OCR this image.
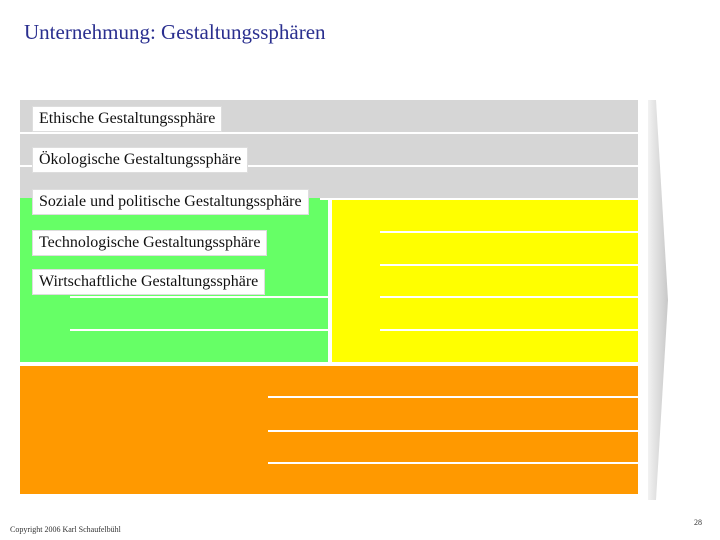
Unternehmung: Gestaltungssphären
Ethische Gestaltungssphäre
Ökologische Gestaltungssphäre
Soziale und politische Gestaltungssphäre
Technologische Gestaltungssphäre
Wirtschaftliche Gestaltungssphäre
Copyright 2006 Karl Schaufelbühl
28
